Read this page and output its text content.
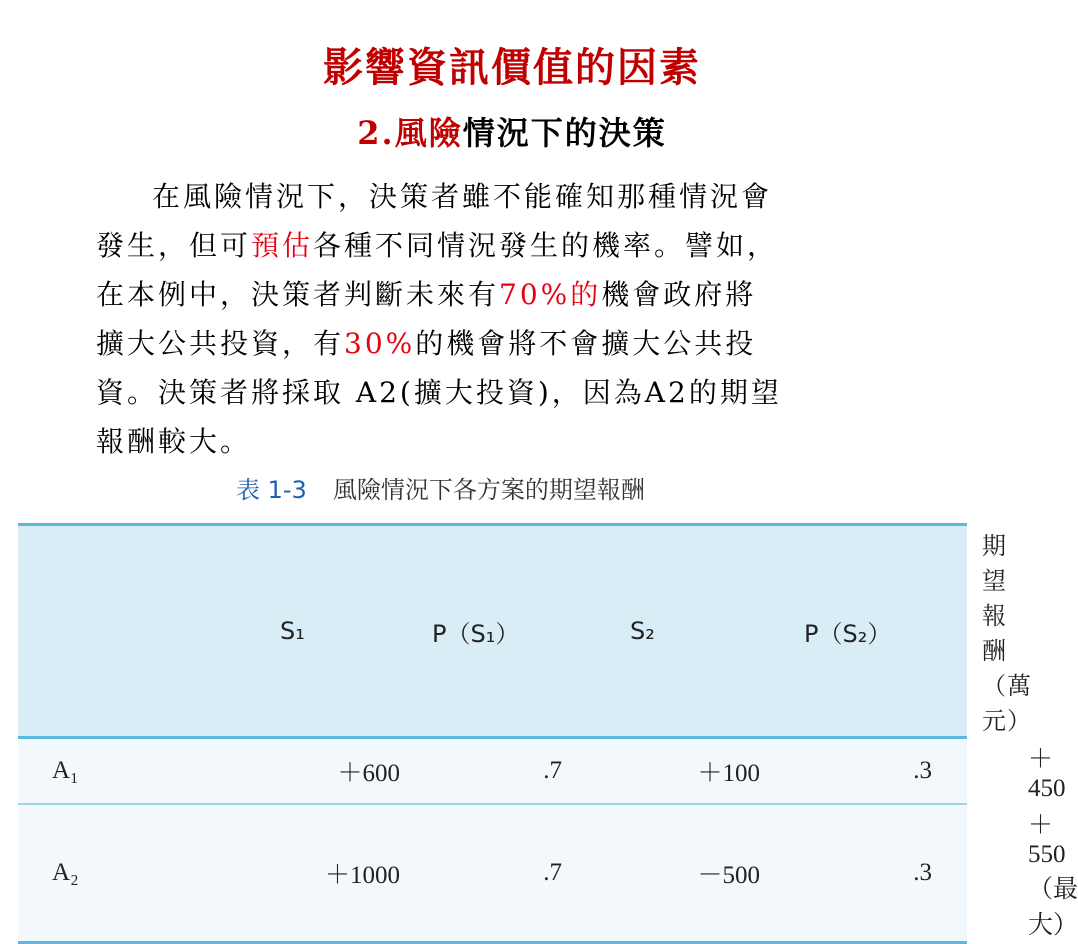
影響資訊價值的因素
2.風險情況下的決策
在風險情況下，決策者雖不能確知那種情況會
發生，但可預估各種不同情況發生的機率。譬如，
在本例中，決策者判斷未來有70%的機會政府將
擴大公共投資，有30%的機會將不會擴大公共投
資。決策者將採取 A2(擴大投資)，因為A2的期望
報酬較大。
表 1-3 風險情況下各方案的期望報酬
	S₁	P（S₁）	S₂	P（S₂）	期望報酬（萬元）
A₁	＋600	.7	＋100	.3	＋450
A₂	＋1000	.7	－500	.3	＋550（最大）
